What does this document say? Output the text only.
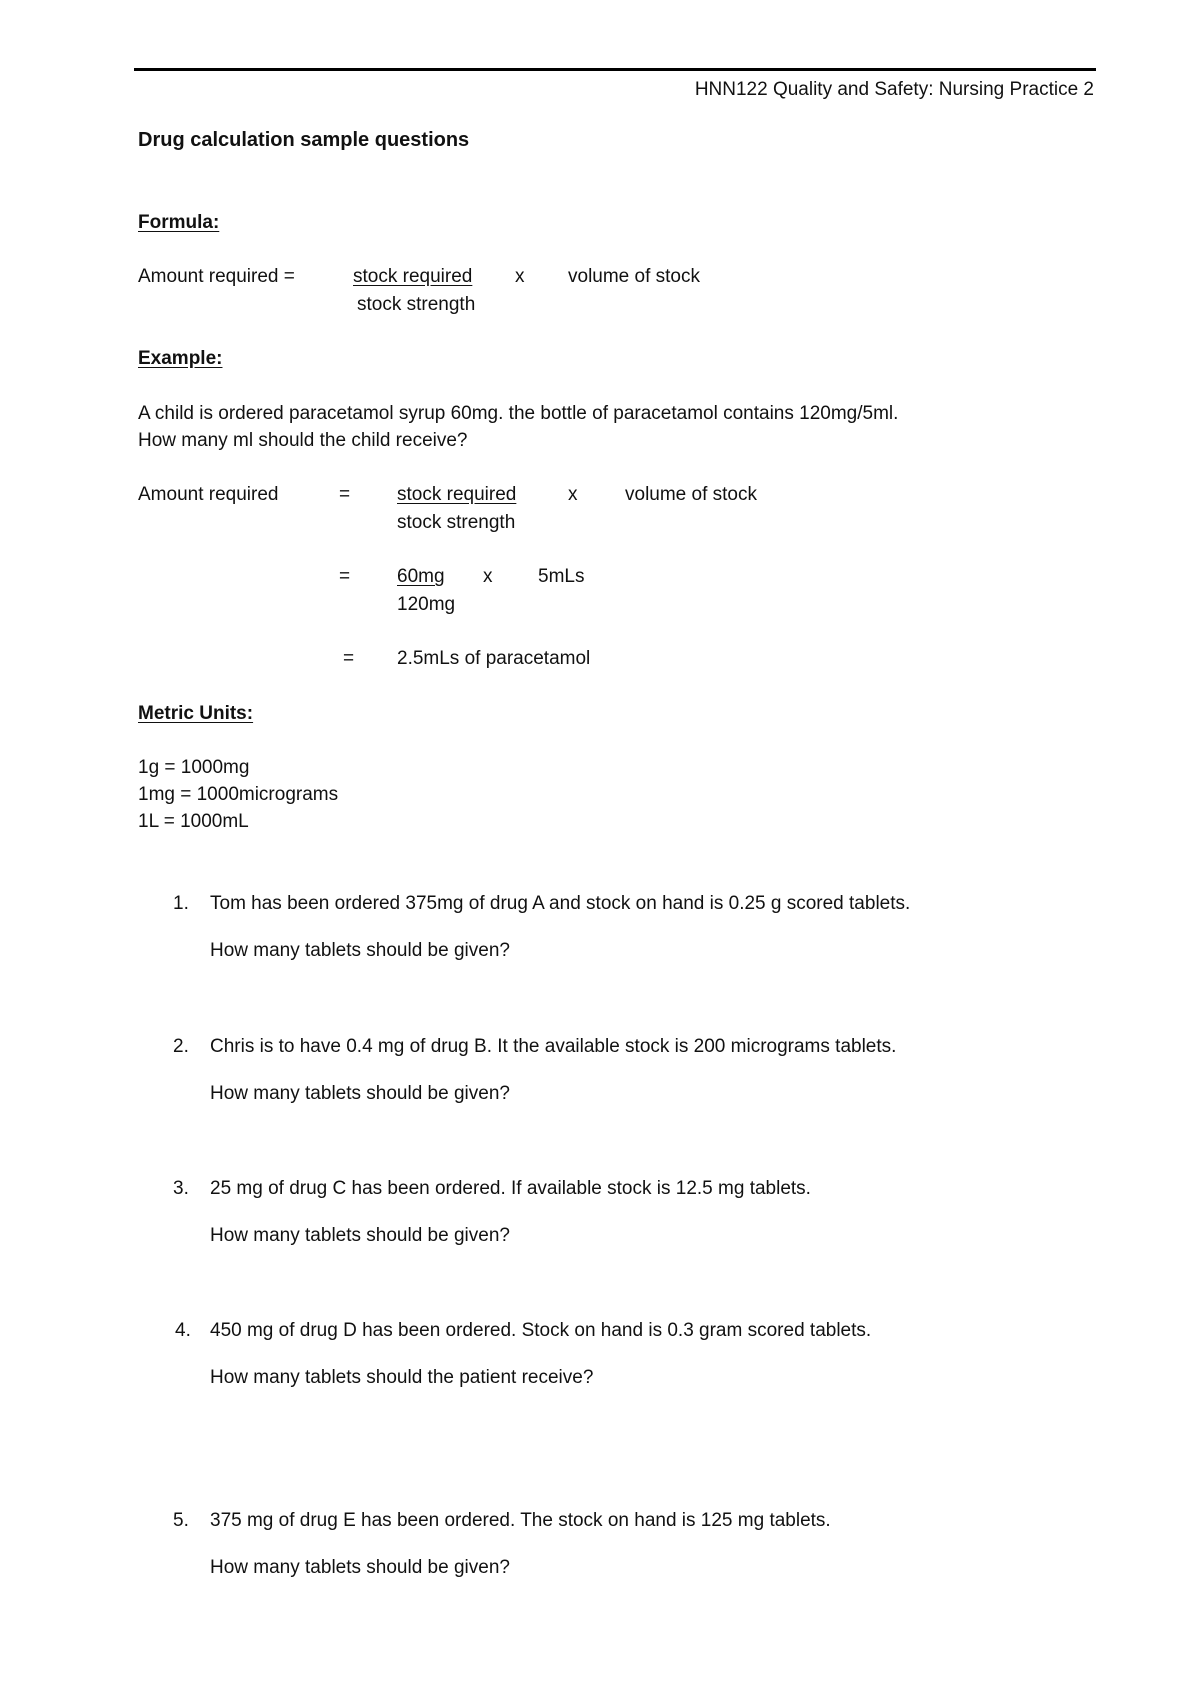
HNN122 Quality and Safety: Nursing Practice 2
Drug calculation sample questions
Formula:
Amount required =	stock required x volume of stock
stock strength
Example:
A child is ordered paracetamol syrup 60mg. the bottle of paracetamol contains 120mg/5ml.
How many ml should the child receive?
Amount required	= stock required	x	volume of stock
stock strength
= 60mg x 5mLs
120mg
= 2.5mLs of paracetamol
Metric Units:
1g = 1000mg
1mg = 1000micrograms
1L = 1000mL
1. Tom has been ordered 375mg of drug A and stock on hand is 0.25 g scored tablets.
How many tablets should be given?
2. Chris is to have 0.4 mg of drug B. It the available stock is 200 micrograms tablets.
How many tablets should be given?
3. 25 mg of drug C has been ordered. If available stock is 12.5 mg tablets.
How many tablets should be given?
4. 450 mg of drug D has been ordered. Stock on hand is 0.3 gram scored tablets.
How many tablets should the patient receive?
5. 375 mg of drug E has been ordered. The stock on hand is 125 mg tablets.
How many tablets should be given?
